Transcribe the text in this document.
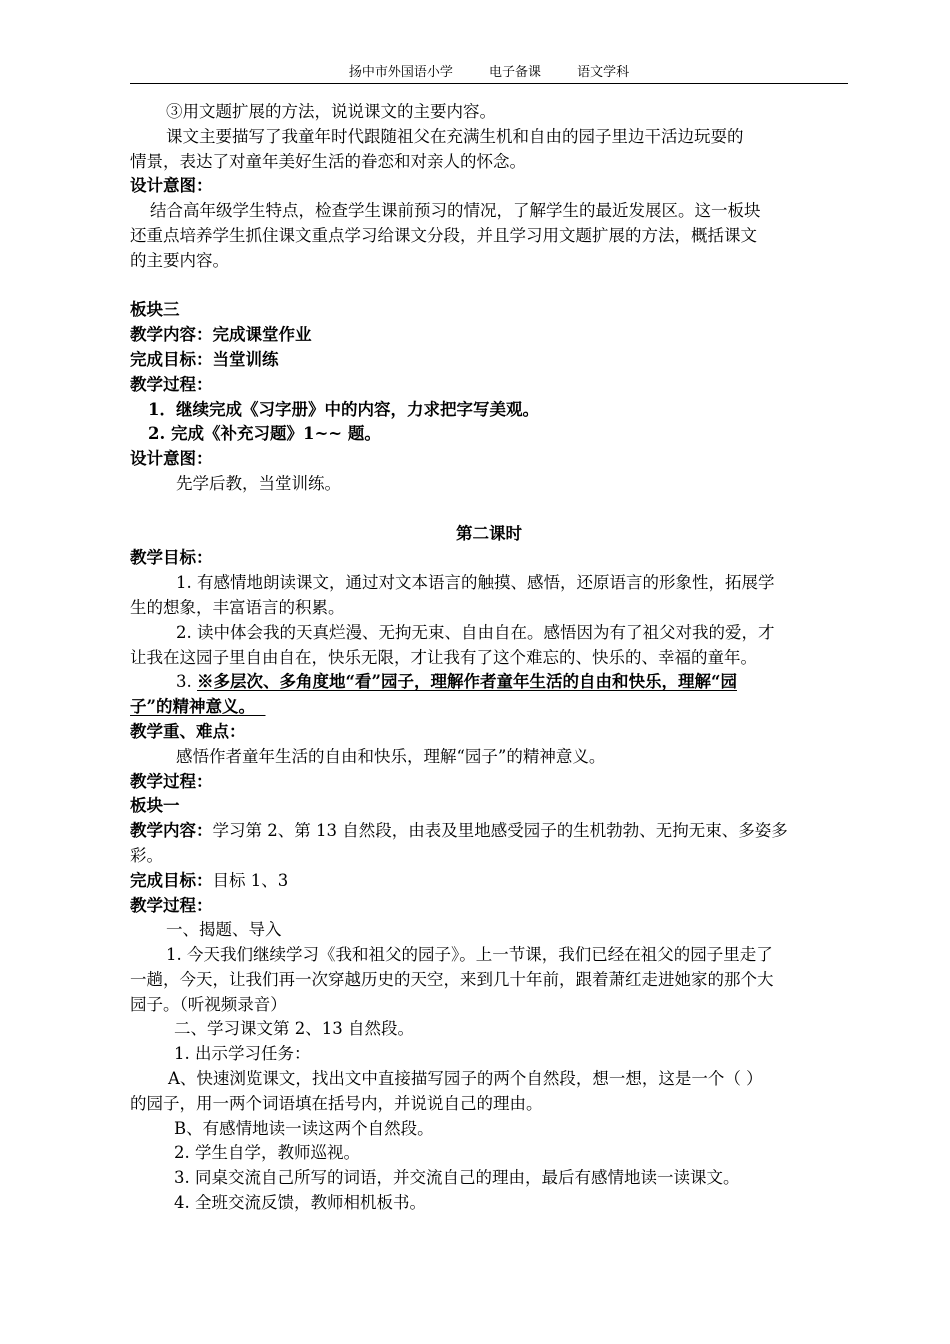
扬中市外国语小学	电子备课	语文学科
③用文题扩展的方法，说说课文的主要内容。
课文主要描写了我童年时代跟随祖父在充满生机和自由的园子里边干活边玩耍的
情景，表达了对童年美好生活的眷恋和对亲人的怀念。
设计意图：
结合高年级学生特点，检查学生课前预习的情况，了解学生的最近发展区。这一板块
还重点培养学生抓住课文重点学习给课文分段，并且学习用文题扩展的方法，概括课文
的主要内容。
板块三
教学内容：完成课堂作业
完成目标：当堂训练
教学过程：
1．继续完成《习字册》中的内容，力求把字写美观。
2. 完成《补充习题》1~~ 题。
设计意图：
先学后教，当堂训练。
第二课时
教学目标：
1. 有感情地朗读课文，通过对文本语言的触摸、感悟，还原语言的形象性，拓展学
生的想象，丰富语言的积累。
2. 读中体会我的天真烂漫、无拘无束、自由自在。感悟因为有了祖父对我的爱，才
让我在这园子里自由自在，快乐无限，才让我有了这个难忘的、快乐的、幸福的童年。
3. ※多层次、多角度地“看”园子，理解作者童年生活的自由和快乐，理解“园
子”的精神意义。
教学重、难点：
感悟作者童年生活的自由和快乐，理解“园子”的精神意义。
教学过程：
板块一
教学内容：学习第 2、第 13 自然段，由表及里地感受园子的生机勃勃、无拘无束、多姿多
彩。
完成目标：目标 1、3
教学过程：
一、揭题、导入
1. 今天我们继续学习《我和祖父的园子》。上一节课，我们已经在祖父的园子里走了
一趟，今天，让我们再一次穿越历史的天空，来到几十年前，跟着萧红走进她家的那个大
园子。（听视频录音）
二、学习课文第 2、13 自然段。
1. 出示学习任务：
A、快速浏览课文，找出文中直接描写园子的两个自然段，想一想，这是一个（ ）
的园子，用一两个词语填在括号内，并说说自己的理由。
B、有感情地读一读这两个自然段。
2. 学生自学，教师巡视。
3. 同桌交流自己所写的词语，并交流自己的理由，最后有感情地读一读课文。
4. 全班交流反馈，教师相机板书。
